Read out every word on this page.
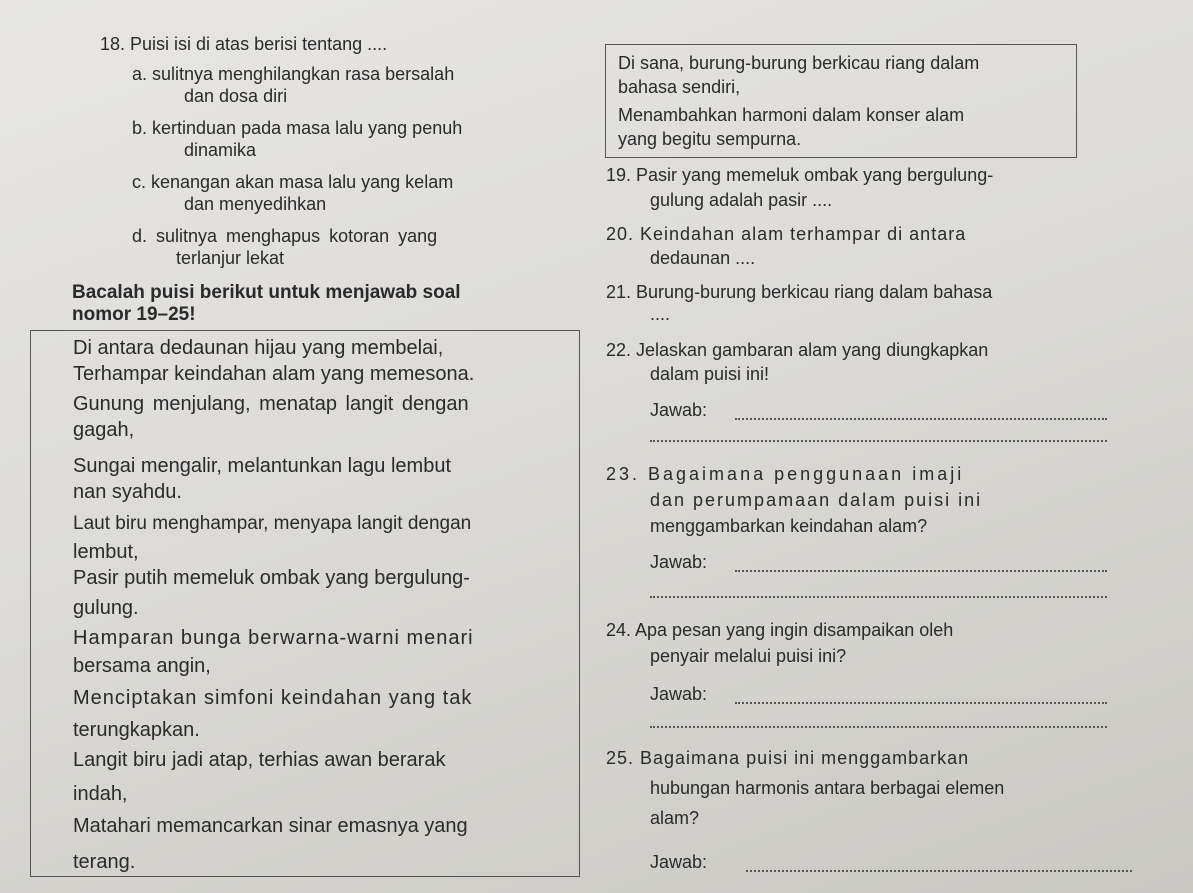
18. Puisi isi di atas berisi tentang ....
a. sulitnya menghilangkan rasa bersalah
dan dosa diri
b. kertinduan pada masa lalu yang penuh
dinamika
c. kenangan akan masa lalu yang kelam
dan menyedihkan
d. sulitnya menghapus kotoran yang
terlanjur lekat
Bacalah puisi berikut untuk menjawab soal
nomor 19–25!
Di antara dedaunan hijau yang membelai,
Terhampar keindahan alam yang memesona.
Gunung menjulang, menatap langit dengan
gagah,
Sungai mengalir, melantunkan lagu lembut
nan syahdu.
Laut biru menghampar, menyapa langit dengan
lembut,
Pasir putih memeluk ombak yang bergulung-
gulung.
Hamparan bunga berwarna-warni menari
bersama angin,
Menciptakan simfoni keindahan yang tak
terungkapkan.
Langit biru jadi atap, terhias awan berarak
indah,
Matahari memancarkan sinar emasnya yang
terang.
Di sana, burung-burung berkicau riang dalam
bahasa sendiri,
Menambahkan harmoni dalam konser alam
yang begitu sempurna.
19. Pasir yang memeluk ombak yang bergulung-
gulung adalah pasir ....
20. Keindahan alam terhampar di antara
dedaunan ....
21. Burung-burung berkicau riang dalam bahasa
....
22. Jelaskan gambaran alam yang diungkapkan
dalam puisi ini!
Jawab:
23. Bagaimana penggunaan imaji
dan perumpamaan dalam puisi ini
menggambarkan keindahan alam?
Jawab:
24. Apa pesan yang ingin disampaikan oleh
penyair melalui puisi ini?
Jawab:
25. Bagaimana puisi ini menggambarkan
hubungan harmonis antara berbagai elemen
alam?
Jawab:
